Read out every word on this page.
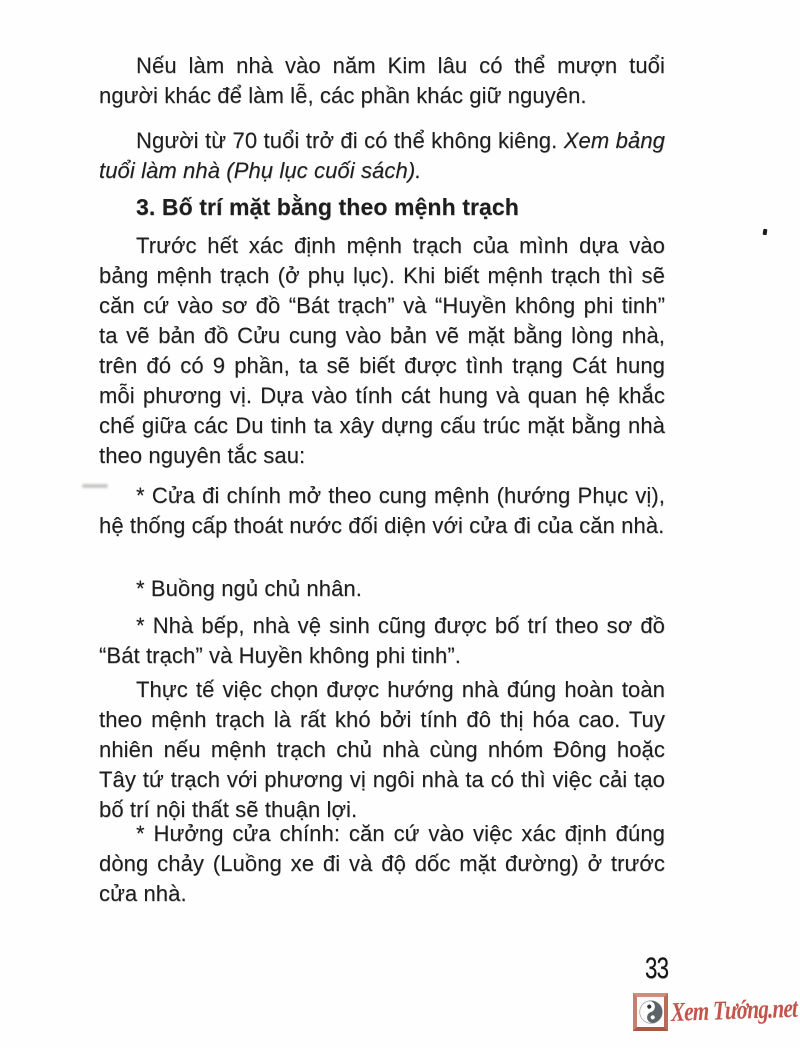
Nếu làm nhà vào năm Kim lâu có thể mượn tuổi người khác để làm lễ, các phần khác giữ nguyên.

Người từ 70 tuổi trở đi có thể không kiêng. Xem bảng tuổi làm nhà (Phụ lục cuối sách).

3. Bố trí mặt bằng theo mệnh trạch

Trước hết xác định mệnh trạch của mình dựa vào bảng mệnh trạch (ở phụ lục). Khi biết mệnh trạch thì sẽ căn cứ vào sơ đồ “Bát trạch” và “Huyền không phi tinh” ta vẽ bản đồ Cửu cung vào bản vẽ mặt bằng lòng nhà, trên đó có 9 phần, ta sẽ biết được tình trạng Cát hung mỗi phương vị. Dựa vào tính cát hung và quan hệ khắc chế giữa các Du tinh ta xây dựng cấu trúc mặt bằng nhà theo nguyên tắc sau:

* Cửa đi chính mở theo cung mệnh (hướng Phục vị), hệ thống cấp thoát nước đối diện với cửa đi của căn nhà.

* Buồng ngủ chủ nhân.

* Nhà bếp, nhà vệ sinh cũng được bố trí theo sơ đồ “Bát trạch” và Huyền không phi tinh”.

Thực tế việc chọn được hướng nhà đúng hoàn toàn theo mệnh trạch là rất khó bởi tính đô thị hóa cao. Tuy nhiên nếu mệnh trạch chủ nhà cùng nhóm Đông hoặc Tây tứ trạch với phương vị ngôi nhà ta có thì việc cải tạo bố trí nội thất sẽ thuận lợi.

* Hưởng cửa chính: căn cứ vào việc xác định đúng dòng chảy (Luồng xe đi và độ dốc mặt đường) ở trước cửa nhà.

33
Xem Tướng.net
